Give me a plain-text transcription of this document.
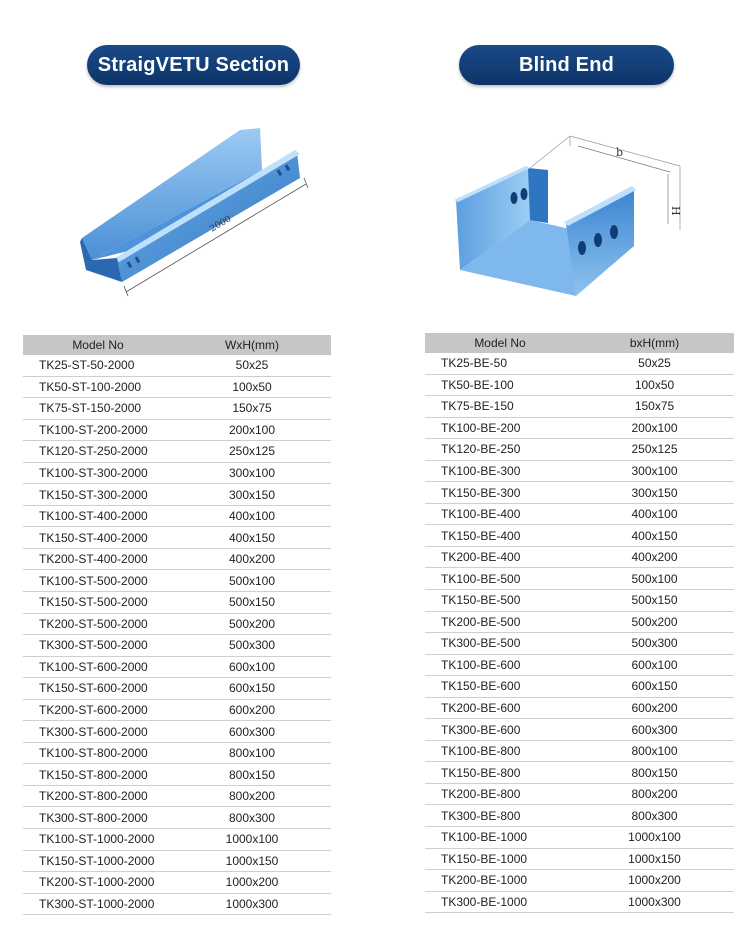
StraigVETU Section	Blind End
2000
b
H
Model No	WxH(mm)
TK25-ST-50-2000	50x25
TK50-ST-100-2000	100x50
TK75-ST-150-2000	150x75
TK100-ST-200-2000	200x100
TK120-ST-250-2000	250x125
TK100-ST-300-2000	300x100
TK150-ST-300-2000	300x150
TK100-ST-400-2000	400x100
TK150-ST-400-2000	400x150
TK200-ST-400-2000	400x200
TK100-ST-500-2000	500x100
TK150-ST-500-2000	500x150
TK200-ST-500-2000	500x200
TK300-ST-500-2000	500x300
TK100-ST-600-2000	600x100
TK150-ST-600-2000	600x150
TK200-ST-600-2000	600x200
TK300-ST-600-2000	600x300
TK100-ST-800-2000	800x100
TK150-ST-800-2000	800x150
TK200-ST-800-2000	800x200
TK300-ST-800-2000	800x300
TK100-ST-1000-2000	1000x100
TK150-ST-1000-2000	1000x150
TK200-ST-1000-2000	1000x200
TK300-ST-1000-2000	1000x300
Model No	bxH(mm)
TK25-BE-50	50x25
TK50-BE-100	100x50
TK75-BE-150	150x75
TK100-BE-200	200x100
TK120-BE-250	250x125
TK100-BE-300	300x100
TK150-BE-300	300x150
TK100-BE-400	400x100
TK150-BE-400	400x150
TK200-BE-400	400x200
TK100-BE-500	500x100
TK150-BE-500	500x150
TK200-BE-500	500x200
TK300-BE-500	500x300
TK100-BE-600	600x100
TK150-BE-600	600x150
TK200-BE-600	600x200
TK300-BE-600	600x300
TK100-BE-800	800x100
TK150-BE-800	800x150
TK200-BE-800	800x200
TK300-BE-800	800x300
TK100-BE-1000	1000x100
TK150-BE-1000	1000x150
TK200-BE-1000	1000x200
TK300-BE-1000	1000x300
